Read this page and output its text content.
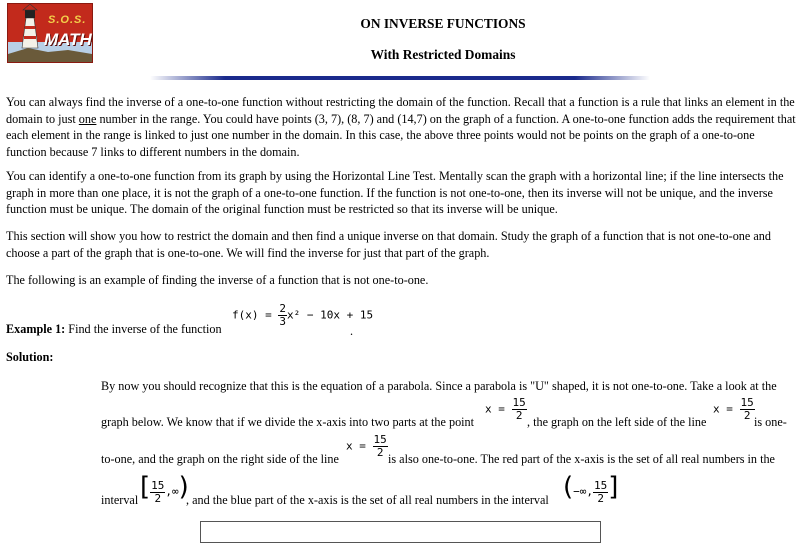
S.O.S.
MATH
ON INVERSE FUNCTIONS
With Restricted Domains

You can always find the inverse of a one-to-one function without restricting the domain of the function. Recall that a function is a rule that links an element in the domain to just one number in the range. You could have points (3, 7), (8, 7) and (14,7) on the graph of a function. A one-to-one function adds the requirement that each element in the range is linked to just one number in the domain. In this case, the above three points would not be points on the graph of a one-to-one function because 7 links to different numbers in the domain.

You can identify a one-to-one function from its graph by using the Horizontal Line Test. Mentally scan the graph with a horizontal line; if the line intersects the graph in more than one place, it is not the graph of a one-to-one function. If the function is not one-to-one, then its inverse will not be unique, and the inverse function must be unique. The domain of the original function must be restricted so that its inverse will be unique.

This section will show you how to restrict the domain and then find a unique inverse on that domain. Study the graph of a function that is not one-to-one and choose a part of the graph that is one-to-one. We will find the inverse for just that part of the graph.

The following is an example of finding the inverse of a function that is not one-to-one.

Example 1: Find the inverse of the function
$f(x) = \frac{2}{3} x^2 - 10x + 15$
.
Solution:
By now you should recognize that this is the equation of a parabola. Since a parabola is "U" shaped, it is not one-to-one. Take a look at the
graph below. We know that if we divide the x-axis into two parts at the point
$x = \frac{15}{2}$ , the graph on the left side of the line
$x = \frac{15}{2}$ is one-
to-one, and the graph on the right side of the line
$x = \frac{15}{2}$ is also one-to-one. The red part of the x-axis is the set of all real numbers in the
interval [ $\frac{15}{2}$ ,∞)
, and the blue part of the x-axis is the set of all real numbers in the interval (−∞, $\frac{15}{2}$ ]
